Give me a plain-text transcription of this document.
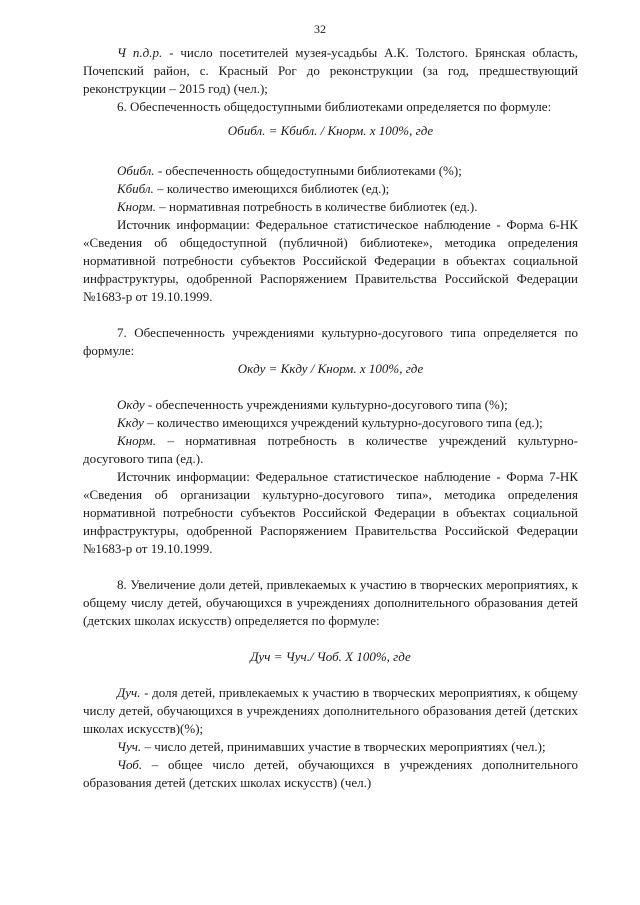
32

Ч п.д.р. - число посетителей музея-усадьбы А.К. Толстого. Брянская область, Почепский район, с. Красный Рог до реконструкции (за год, предшествующий реконструкции – 2015 год) (чел.);

6. Обеспеченность общедоступными библиотеками определяется по формуле:

Обибл. = Кбибл. / Кнорм. х 100%, где

Обибл. - обеспеченность общедоступными библиотеками (%);

Кбибл. – количество имеющихся библиотек (ед.);

Кнорм. – нормативная потребность в количестве библиотек (ед.).

Источник информации: Федеральное статистическое наблюдение - Форма 6-НК «Сведения об общедоступной (публичной) библиотеке», методика определения нормативной потребности субъектов Российской Федерации в объектах социальной инфраструктуры, одобренной Распоряжением Правительства Российской Федерации №1683-р от 19.10.1999.

7. Обеспеченность учреждениями культурно-досугового типа определяется по формуле:

Окду = Ккду / Кнорм. х 100%, где

Окду - обеспеченность учреждениями культурно-досугового типа (%);

Ккду – количество имеющихся учреждений культурно-досугового типа (ед.);

Кнорм. – нормативная потребность в количестве учреждений культурно-досугового типа (ед.).

Источник информации: Федеральное статистическое наблюдение - Форма 7-НК «Сведения об организации культурно-досугового типа», методика определения нормативной потребности субъектов Российской Федерации в объектах социальной инфраструктуры, одобренной Распоряжением Правительства Российской Федерации №1683-р от 19.10.1999.

8. Увеличение доли детей, привлекаемых к участию в творческих мероприятиях, к общему числу детей, обучающихся в учреждениях дополнительного образования детей (детских школах искусств) определяется по формуле:

Дуч = Чуч./ Чоб. Х 100%, где

Дуч. - доля детей, привлекаемых к участию в творческих мероприятиях, к общему числу детей, обучающихся в учреждениях дополнительного образования детей (детских школах искусств)(%);

Чуч. – число детей, принимавших участие в творческих мероприятиях (чел.);

Чоб. – общее число детей, обучающихся в учреждениях дополнительного образования детей (детских школах искусств) (чел.)
